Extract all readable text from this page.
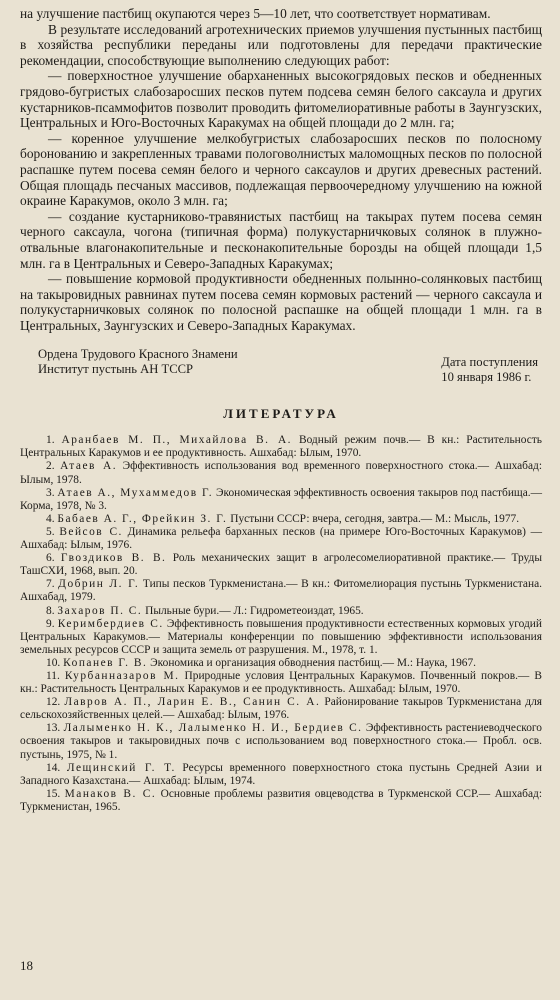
на улучшение пастбищ окупаются через 5—10 лет, что соответствует нормативам.

В результате исследований агротехнических приемов улучшения пустынных пастбищ в хозяйства республики переданы или подготовлены для передачи практические рекомендации, способствующие выполнению следующих работ:

— поверхностное улучшение обарханенных высокогрядовых песков и обедненных грядово-бугристых слабозаросших песков путем подсева семян белого саксаула и других кустарников-псаммофитов позволит проводить фитомелиоративные работы в Заунгузских, Центральных и Юго-Восточных Каракумах на общей площади до 2 млн. га;

— коренное улучшение мелкобугристых слабозаросших песков по полосному боронованию и закрепленных травами пологоволнистых маломощных песков по полосной распашке путем посева семян белого и черного саксаулов и других древесных растений. Общая площадь песчаных массивов, подлежащая первоочередному улучшению на южной окраине Каракумов, около 3 млн. га;

— создание кустарниково-травянистых пастбищ на такырах путем посева семян черного саксаула, чогона (типичная форма) полукустарничковых солянок в плужно-отвальные влагонакопительные и песконакопительные борозды на общей площади 1,5 млн. га в Центральных и Северо-Западных Каракумах;

— повышение кормовой продуктивности обедненных полынно-солянковых пастбищ на такыровидных равнинах путем посева семян кормовых растений — черного саксаула и полукустарничковых солянок по полосной распашке на общей площади 1 млн. га в Центральных, Заунгузских и Северо-Западных Каракумах.

Ордена Трудового Красного Знамени
Институт пустынь АН ТССР	Дата поступления
10 января 1986 г.
ЛИТЕРАТУРА

1. Аранбаев М. П., Михайлова В. А. Водный режим почв.— В кн.: Растительность Центральных Каракумов и ее продуктивность. Ашхабад: Ылым, 1970.

2. Атаев А. Эффективность использования вод временного поверхностного стока.— Ашхабад: Ылым, 1978.

3. Атаев А., Мухаммедов Г. Экономическая эффективность освоения такыров под пастбища.— Корма, 1978, № 3.

4. Бабаев А. Г., Фрейкин З. Г. Пустыни СССР: вчера, сегодня, завтра.— М.: Мысль, 1977.

5. Вейсов С. Динамика рельефа барханных песков (на примере Юго-Восточных Каракумов) — Ашхабад: Ылым, 1976.

6. Гвоздиков В. В. Роль механических защит в агролесомелиоративной практике.— Труды ТашСХИ, 1968, вып. 20.

7. Добрин Л. Г. Типы песков Туркменистана.— В кн.: Фитомелиорация пустынь Туркменистана. Ашхабад, 1979.

8. Захаров П. С. Пыльные бури.— Л.: Гидрометеоиздат, 1965.

9. Керимбердиев С. Эффективность повышения продуктивности естественных кормовых угодий Центральных Каракумов.— Материалы конференции по повышению эффективности использования земельных ресурсов СССР и защита земель от разрушения. М., 1978, т. 1.

10. Копанев Г. В. Экономика и организация обводнения пастбищ.— М.: Наука, 1967.

11. Курбанназаров М. Природные условия Центральных Каракумов. Почвенный покров.— В кн.: Растительность Центральных Каракумов и ее продуктивность. Ашхабад: Ылым, 1970.

12. Лавров А. П., Ларин Е. В., Санин С. А. Районирование такыров Туркменистана для сельскохозяйственных целей.— Ашхабад: Ылым, 1976.

13. Лалыменко Н. К., Лалыменко Н. И., Бердиев С. Эффективность растениеводческого освоения такыров и такыровидных почв с использованием вод поверхностного стока.— Пробл. осв. пустынь, 1975, № 1.

14. Лещинский Г. Т. Ресурсы временного поверхностного стока пустынь Средней Азии и Западного Казахстана.— Ашхабад: Ылым, 1974.

15. Манаков В. С. Основные проблемы развития овцеводства в Туркменской ССР.— Ашхабад: Туркменистан, 1965.

18
